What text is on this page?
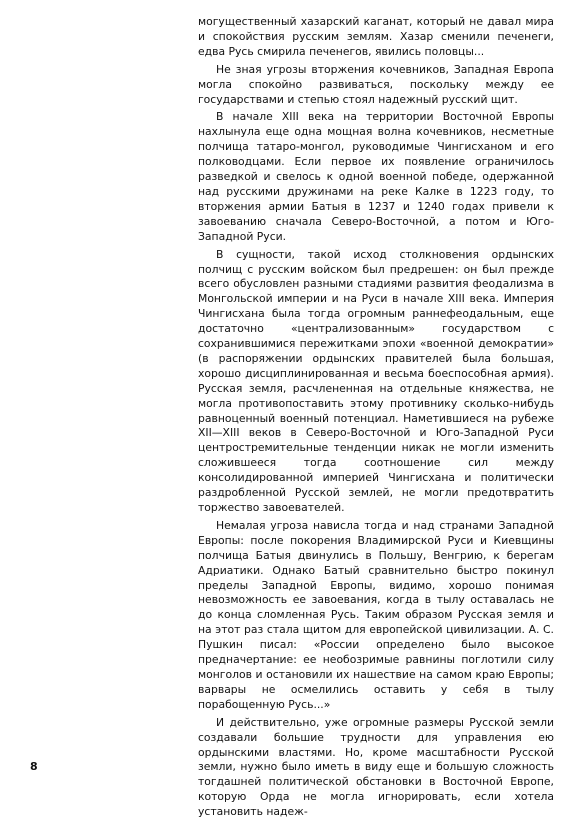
могущественный хазарский каганат, который не давал мира и спокойствия русским землям. Хазар сменили печенеги, едва Русь смирила печенегов, явились половцы...

Не зная угрозы вторжения кочевников, Западная Европа могла спокойно развиваться, поскольку между ее государствами и степью стоял надежный русский щит.

В начале XIII века на территории Восточной Европы нахлынула еще одна мощная волна кочевников, несметные полчища татаро-монгол, руководимые Чингисханом и его полководцами. Если первое их появление ограничилось разведкой и свелось к одной военной победе, одержанной над русскими дружинами на реке Калке в 1223 году, то вторжения армии Батыя в 1237 и 1240 годах привели к завоеванию сначала Северо-Восточной, а потом и Юго-Западной Руси.

В сущности, такой исход столкновения ордынских полчищ с русским войском был предрешен: он был прежде всего обусловлен разными стадиями развития феодализма в Монгольской империи и на Руси в начале XIII века. Империя Чингисхана была тогда огромным раннефеодальным, еще достаточно «централизованным» государством с сохранившимися пережитками эпохи «военной демократии» (в распоряжении ордынских правителей была большая, хорошо дисциплинированная и весьма боеспособная армия). Русская земля, расчлененная на отдельные княжества, не могла противопоставить этому противнику сколько-нибудь равноценный военный потенциал. Наметившиеся на рубеже XII—XIII веков в Северо-Восточной и Юго-Западной Руси центростремительные тенденции никак не могли изменить сложившееся тогда соотношение сил между консолидированной империей Чингисхана и политически раздробленной Русской землей, не могли предотвратить торжество завоевателей.

Немалая угроза нависла тогда и над странами Западной Европы: после покорения Владимирской Руси и Киевщины полчища Батыя двинулись в Польшу, Венгрию, к берегам Адриатики. Однако Батый сравнительно быстро покинул пределы Западной Европы, видимо, хорошо понимая невозможность ее завоевания, когда в тылу оставалась не до конца сломленная Русь. Таким образом Русская земля и на этот раз стала щитом для европейской цивилизации. А. С. Пушкин писал: «России определено было высокое предначертание: ее необозримые равнины поглотили силу монголов и остановили их нашествие на самом краю Европы; варвары не осмелились оставить у себя в тылу порабощенную Русь...»

И действительно, уже огромные размеры Русской земли создавали большие трудности для управления ею ордынскими властями. Но, кроме масштабности Русской земли, нужно было иметь в виду еще и большую сложность тогдашней политической обстановки в Восточной Европе, которую Орда не могла игнорировать, если хотела установить надеж-

8
